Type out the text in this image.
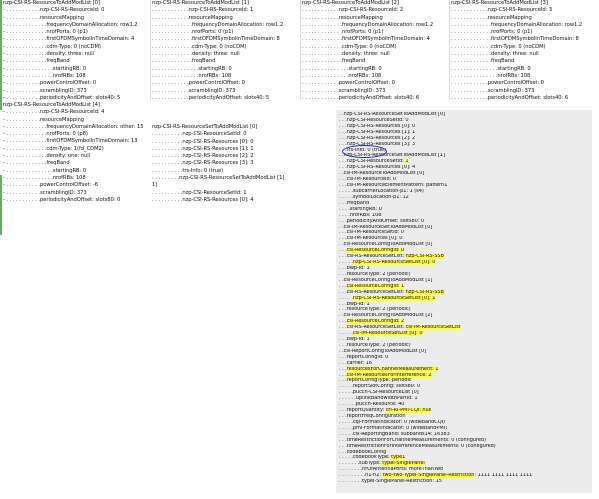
nzp-CSI-RS-ResourceToAddModList [0]
- . . . . . . . . . . .nzp-CSI-RS-ResourceId: 0
- . . . . . . . . . . .resourceMapping
- . . . . . . . . . . . . .frequencyDomainAllocation: row1.2
- . . . . . . . . . . . . .nrofPorts: 0 (p1)
- . . . . . . . . . . . . .firstOFDMSymbolInTimeDomain: 4
- . . . . . . . . . . . . .cdm-Type: 0 (noCDM)
- . . . . . . . . . . . . .density: three: null
- . . . . . . . . . . . . .freqBand
- . . . . . . . . . . . . . . .startingRB: 0
- . . . . . . . . . . . . . . .nrofRBs: 108
- . . . . . . . . . . .powerControlOffset: 0
- . . . . . . . . . . .scramblingID: 373
- . . . . . . . . . . .periodicityAndOffset: slots40: 5
nzp-CSI-RS-ResourceToAddModList [1]
. . . . . . . . . . . .nzp-CSI-RS-ResourceId: 1
. . . . . . . . . . . .resourceMapping
. . . . . . . . . . . . .frequencyDomainAllocation: row1.2
. . . . . . . . . . . . .nrofPorts: 0 (p1)
. . . . . . . . . . . . .firstOFDMSymbolInTimeDomain: 8
. . . . . . . . . . . . .cdm-Type: 0 (noCDM)
. . . . . . . . . . . . .density: three: null
. . . . . . . . . . . . .freqBand
. . . . . . . . . . . . . . .startingRB: 0
. . . . . . . . . . . . . . .nrofRBs: 108
. . . . . . . . . . . .powerControlOffset: 0
. . . . . . . . . . . .scramblingID: 373
. . . . . . . . . . . .periodicityAndOffset: slots40: 5
nzp-CSI-RS-ResourceToAddModList [2]
. . . . . . . . . . . .nzp-CSI-RS-ResourceId: 2
. . . . . . . . . . . .resourceMapping
. . . . . . . . . . . . .frequencyDomainAllocation: row1.2
. . . . . . . . . . . . .nrofPorts: 0 (p1)
. . . . . . . . . . . . .firstOFDMSymbolInTimeDomain: 4
. . . . . . . . . . . . .cdm-Type: 0 (noCDM)
. . . . . . . . . . . . .density: three: null
. . . . . . . . . . . . .freqBand
. . . . . . . . . . . . . . .startingRB: 0
. . . . . . . . . . . . . . .nrofRBs: 108
. . . . . . . . . . . .powerControlOffset: 0
. . . . . . . . . . . .scramblingID: 373
. . . . . . . . . . . .periodicityAndOffset: slots40: 6
nzp-CSI-RS-ResourceToAddModList [3]
. . . . . . . . . . . .nzp-CSI-RS-ResourceId: 3
. . . . . . . . . . . .resourceMapping
. . . . . . . . . . . . .frequencyDomainAllocation: row1.2
. . . . . . . . . . . . .nrofPorts: 0 (p1)
. . . . . . . . . . . . .firstOFDMSymbolInTimeDomain: 8
. . . . . . . . . . . . .cdm-Type: 0 (noCDM)
. . . . . . . . . . . . .density: three: null
. . . . . . . . . . . . .freqBand
. . . . . . . . . . . . . . .startingRB: 0
. . . . . . . . . . . . . . .nrofRBs: 108
. . . . . . . . . . . .powerControlOffset: 0
. . . . . . . . . . . .scramblingID: 373
. . . . . . . . . . . .periodicityAndOffset: slots40: 6
nzp-CSI-RS-ResourceToAddModList [4]
- . . . . . . . . . . .nzp-CSI-RS-ResourceId: 4
- . . . . . . . . . . .resourceMapping
- . . . . . . . . . . . . .frequencyDomainAllocation: other: 15
- . . . . . . . . . . . . .nrofPorts: 0 (p8)
- . . . . . . . . . . . . .firstOFDMSymbolInTimeDomain: 13
- . . . . . . . . . . . . .cdm-Type: 1(fd_CDM2)
- . . . . . . . . . . . . .density: one: null
- . . . . . . . . . . . . .freqBand
- . . . . . . . . . . . . . . .startingRB: 0
- . . . . . . . . . . . . . . .nrofRBs: 108
- . . . . . . . . . . .powerControlOffset: -6
- . . . . . . . . . . .scramblingID: 373
- . . . . . . . . . . .periodicityAndOffset: slots80: 0
nzp-CSI-RS-ResourceSetToAddModList [0]
. . . . . . . . . .nzp-CSI-ResourceSetId: 0
. . . . . . . . . .nzp-CSI-RS-Resources [0]: 0
. . . . . . . . . .nzp-CSI-RS-Resources [1]: 1
. . . . . . . . . .nzp-CSI-RS-Resources [2]: 2
. . . . . . . . . .nzp-CSI-RS-Resources [3]: 3
. . . . . . . . . .trs-Info: 0 (true)
. . . . . . . . .nzp-CSI-RS-ResourceSetToAddModList [1]
1]
. . . . . . . . . .nzp-CSI-ResourceSetId: 1
. . . . . . . . . .nzp-CSI-RS-Resources [0]: 4
. .nzp-CSI-RS-ResourceSetToAddModList [0]
. . .nzp-CSI-ResourceSetId: 0
. . .nzp-CSI-RS-Resources [0]: 0
. . .nzp-CSI-RS-Resources [1]: 1
. . .nzp-CSI-RS-Resources [2]: 2
. . .nzp-CSI-RS-Resources [3]: 3
. . .trs-Info: 0 (true)
. .nzp-CSI-RS-ResourceSetToAddModList [1]
. . .nzp-CSI-ResourceSetId: 1
. . .nzp-CSI-RS-Resources [0]: 4
. .csi-IM-ResourceToAddModList [0]
. . .csi-IM-ResourceId: 0
. . .csi-IM-ResourceElementPattern: pattern1
. . . . .subcarrierLocation-p1: 1 (s4)
. . . . .symbolLocation-p1: 12
. . .freqBand
. . . .startingRB: 0
. . . .nrofRBs: 108
. . .periodicityAndOffset: slots80: 0
. .csi-IM-ResourceSetToAddModList [0]
. . .csi-IM-ResourceSetId: 0
. . .csi-IM-Resources [0]: 0
. .csi-ResourceConfigToAddModList [0]
. . .csi-ResourceConfigId: 0
. . .csi-RS-ResourceSetList: nzp-CSI-RS-SSB
. . . . .nzp-CSI-RS-ResourceSetList [0]: 0
. . .bwp-Id: 1
. . .resourceType: 2 (periodic)
. .csi-ResourceConfigToAddModList [1]
. . .csi-ResourceConfigId: 1
. . .csi-RS-ResourceSetList: nzp-CSI-RS-SSB
. . . . .nzp-CSI-RS-ResourceSetList [0]: 1
. . .bwp-Id: 1
. . .resourceType: 2 (periodic)
. .csi-ResourceConfigToAddModList [2]
. . .csi-ResourceConfigId: 2
. . .csi-RS-ResourceSetList: csi-IM-ResourceSetList
. . . . .csi-IM-ResourceSetList [0]: 0
. . .bwp-Id: 1
. . .resourceType: 2 (periodic)
. .csi-ReportConfigToAddModList [0]
. . .reportConfigId: 0
. . .carrier: 16
. . .resourcesForChannelMeasurement: 1
. . .csi-IM-ResourcesForInterference: 2
. . .reportConfigType: periodic
. . . . .reportSlotConfig: slots80: 0
. . . . .pucch-CSI-ResourceList [0]
. . . . . .uplinkBandwidthPartId: 1
. . . . . .pucch-Resource: 40
. . .reportQuantity: cri-RI-PMI-CQI: null
. . .reportFreqConfiguration
. . . . .cqi-FormatIndicator: 0 (widebandCQI)
. . . . .pmi-FormatIndicator: 0 (widebandPMI)
. . . . .csi-ReportingBand: subbands14: 16383
. . .timeRestrictionForChannelMeasurements: 0 (configured)
. . .timeRestrictionForInterferenceMeasurements: 0 (configured)
. . .codebookConfig
. . . . .codebookType: type1
. . . . . . .subType: typeI-SinglePanel
. . . . . . . .nrOfAntennaPorts: moreThanTwo
. . . . . . . . .n1-n2: two-two-TypeI-SinglePanel-Restriction: 1111 1111 1111 1111
. . . . . . . .typeI-SinglePanel-Restriction: 15
